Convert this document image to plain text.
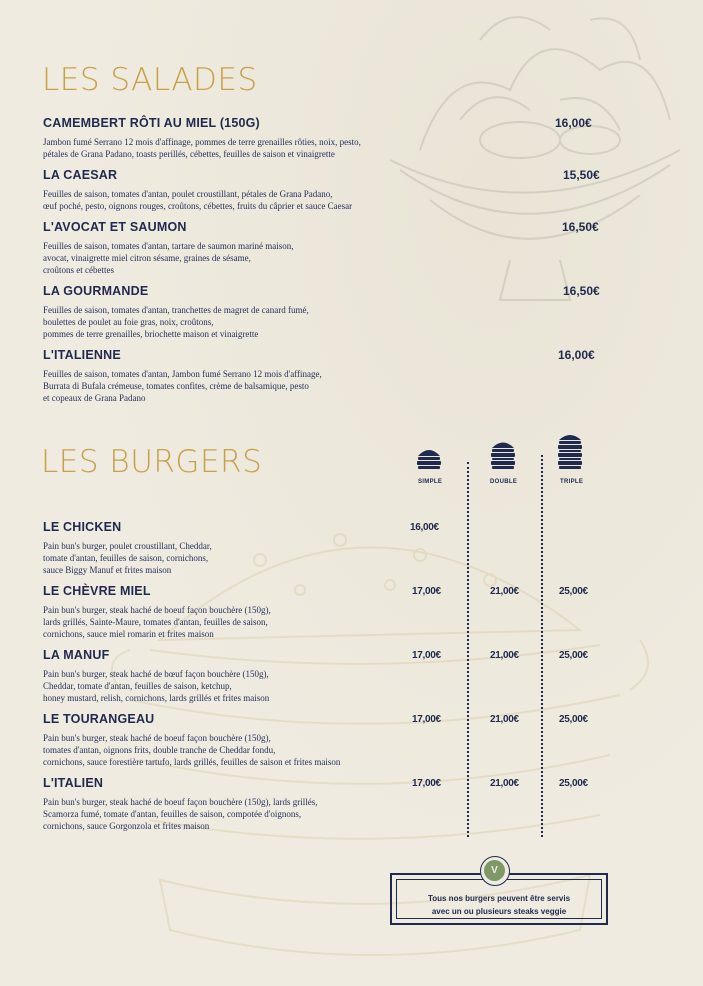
LES SALADES
CAMEMBERT RÔTI AU MIEL (150G)	16,00€
Jambon fumé Serrano 12 mois d'affinage, pommes de terre grenailles rôties, noix, pesto,
pétales de Grana Padano, toasts perillés, cébettes, feuilles de saison et vinaigrette
LA CAESAR	15,50€
Feuilles de saison, tomates d'antan, poulet croustillant, pétales de Grana Padano,
œuf poché, pesto, oignons rouges, croûtons, cébettes, fruits du câprier et sauce Caesar
L'AVOCAT ET SAUMON	16,50€
Feuilles de saison, tomates d'antan, tartare de saumon mariné maison,
avocat, vinaigrette miel citron sésame, graines de sésame,
croûtons et cébettes
LA GOURMANDE	16,50€
Feuilles de saison, tomates d'antan, tranchettes de magret de canard fumé,
boulettes de poulet au foie gras, noix, croûtons,
pommes de terre grenailles, briochette maison et vinaigrette
L'ITALIENNE	16,00€
Feuilles de saison, tomates d'antan, Jambon fumé Serrano 12 mois d'affinage,
Burrata di Bufala crémeuse, tomates confites, crème de balsamique, pesto
et copeaux de Grana Padano
LES BURGERS
SIMPLE	DOUBLE	TRIPLE
LE CHICKEN	16,00€
Pain bun's burger, poulet croustillant, Cheddar,
tomate d'antan, feuilles de saison, cornichons,
sauce Biggy Manuf et frites maison
LE CHÈVRE MIEL	17,00€	21,00€	25,00€
Pain bun's burger, steak haché de boeuf façon bouchère (150g),
lards grillés, Sainte-Maure, tomates d'antan, feuilles de saison,
cornichons, sauce miel romarin et frites maison
LA MANUF	17,00€	21,00€	25,00€
Pain bun's burger, steak haché de bœuf façon bouchère (150g),
Cheddar, tomate d'antan, feuilles de saison, ketchup,
honey mustard, relish, cornichons, lards grillés et frites maison
LE TOURANGEAU	17,00€	21,00€	25,00€
Pain bun's burger, steak haché de boeuf façon bouchère (150g),
tomates d'antan, oignons frits, double tranche de Cheddar fondu,
cornichons, sauce forestière tartufo, lards grillés, feuilles de saison et frites maison
L'ITALIEN	17,00€	21,00€	25,00€
Pain bun's burger, steak haché de boeuf façon bouchère (150g), lards grillés,
Scamorza fumé, tomate d'antan, feuilles de saison, compotée d'oignons,
cornichons, sauce Gorgonzola et frites maison
Tous nos burgers peuvent être servis
avec un ou plusieurs steaks veggie
V
